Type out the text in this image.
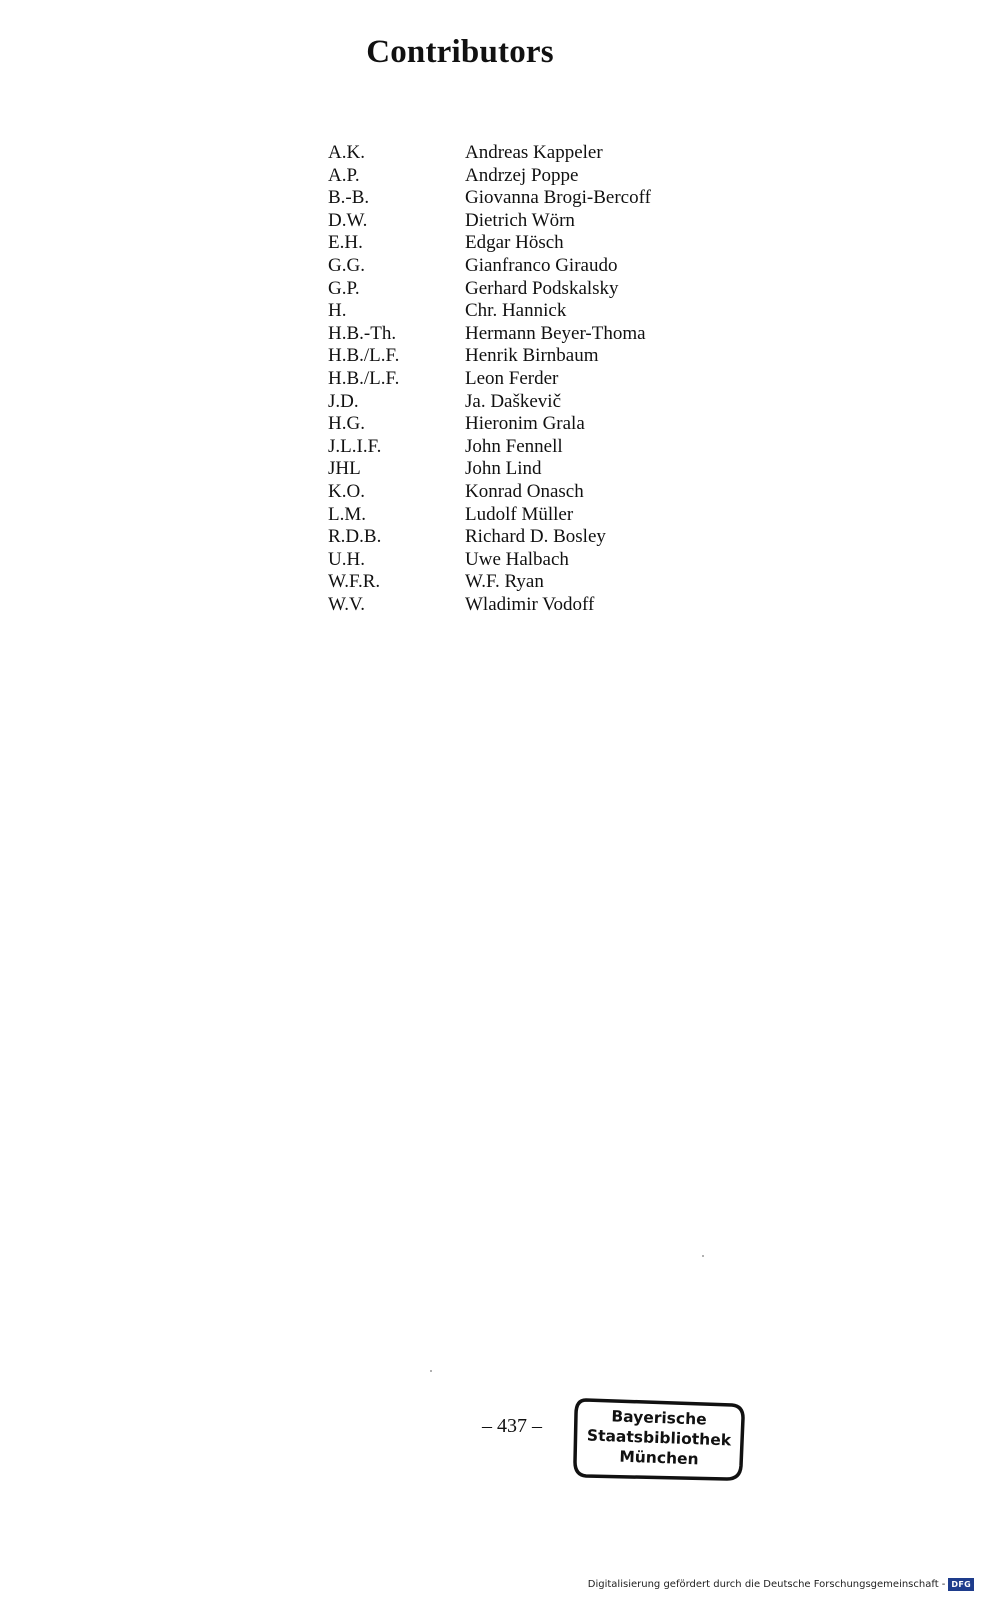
Contributors
A.K.	Andreas Kappeler
A.P.	Andrzej Poppe
B.-B.	Giovanna Brogi-Bercoff
D.W.	Dietrich Wörn
E.H.	Edgar Hösch
G.G.	Gianfranco Giraudo
G.P.	Gerhard Podskalsky
H.	Chr. Hannick
H.B.-Th.	Hermann Beyer-Thoma
H.B./L.F.	Henrik Birnbaum
H.B./L.F.	Leon Ferder
J.D.	Ja. Daškevič
H.G.	Hieronim Grala
J.L.I.F.	John Fennell
JHL	John Lind
K.O.	Konrad Onasch
L.M.	Ludolf Müller
R.D.B.	Richard D. Bosley
U.H.	Uwe Halbach
W.F.R.	W.F. Ryan
W.V.	Wladimir Vodoff
– 437 –	Bayerische
Staatsbibliothek
München
Digitalisierung gefördert durch die Deutsche Forschungsgemeinschaft - DFG
